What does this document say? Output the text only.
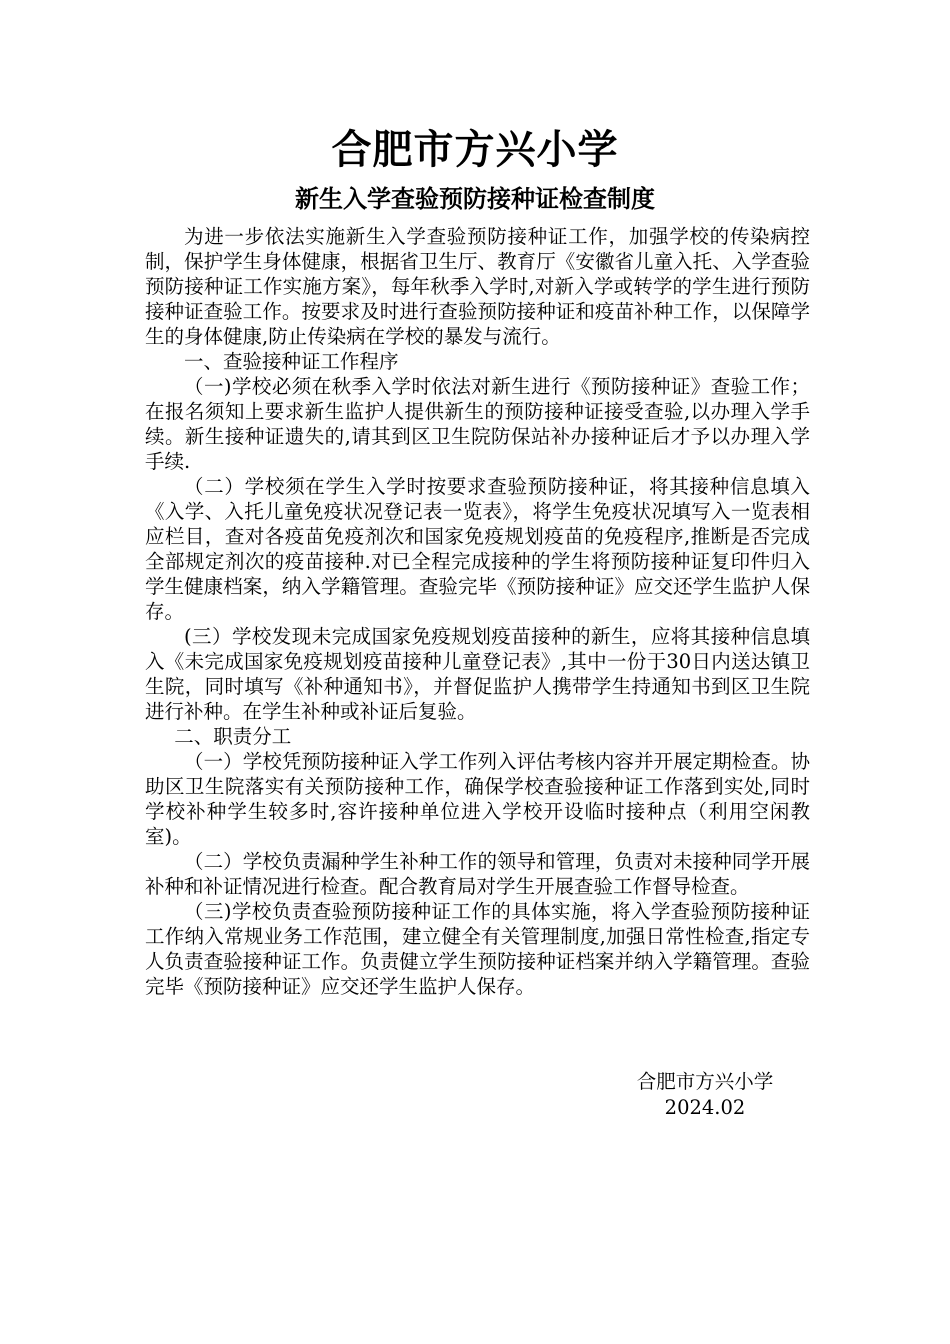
合肥市方兴小学
新生入学查验预防接种证检查制度

为进一步依法实施新生入学查验预防接种证工作，加强学校的传染病控制，保护学生身体健康，根据省卫生厅、教育厅《安徽省儿童入托、入学查验预防接种证工作实施方案》，每年秋季入学时,对新入学或转学的学生进行预防接种证查验工作。按要求及时进行查验预防接种证和疫苗补种工作，以保障学生的身体健康,防止传染病在学校的暴发与流行。

一、查验接种证工作程序

（一)学校必须在秋季入学时依法对新生进行《预防接种证》查验工作；在报名须知上要求新生监护人提供新生的预防接种证接受查验,以办理入学手续。新生接种证遗失的,请其到区卫生院防保站补办接种证后才予以办理入学手续.

（二）学校须在学生入学时按要求查验预防接种证，将其接种信息填入《入学、入托儿童免疫状况登记表一览表》，将学生免疫状况填写入一览表相应栏目，查对各疫苗免疫剂次和国家免疫规划疫苗的免疫程序,推断是否完成全部规定剂次的疫苗接种.对已全程完成接种的学生将预防接种证复印件归入学生健康档案，纳入学籍管理。查验完毕《预防接种证》应交还学生监护人保存。

(三）学校发现未完成国家免疫规划疫苗接种的新生，应将其接种信息填入《未完成国家免疫规划疫苗接种儿童登记表》,其中一份于30日内送达镇卫生院，同时填写《补种通知书》，并督促监护人携带学生持通知书到区卫生院进行补种。在学生补种或补证后复验。

二、职责分工

（一）学校凭预防接种证入学工作列入评估考核内容并开展定期检查。协助区卫生院落实有关预防接种工作，确保学校查验接种证工作落到实处,同时学校补种学生较多时,容许接种单位进入学校开设临时接种点（利用空闲教室)。

（二）学校负责漏种学生补种工作的领导和管理，负责对未接种同学开展补种和补证情况进行检查。配合教育局对学生开展查验工作督导检查。

（三)学校负责查验预防接种证工作的具体实施，将入学查验预防接种证工作纳入常规业务工作范围，建立健全有关管理制度,加强日常性检查,指定专人负责查验接种证工作。负责健立学生预防接种证档案并纳入学籍管理。查验完毕《预防接种证》应交还学生监护人保存。

合肥市方兴小学
2024.02
